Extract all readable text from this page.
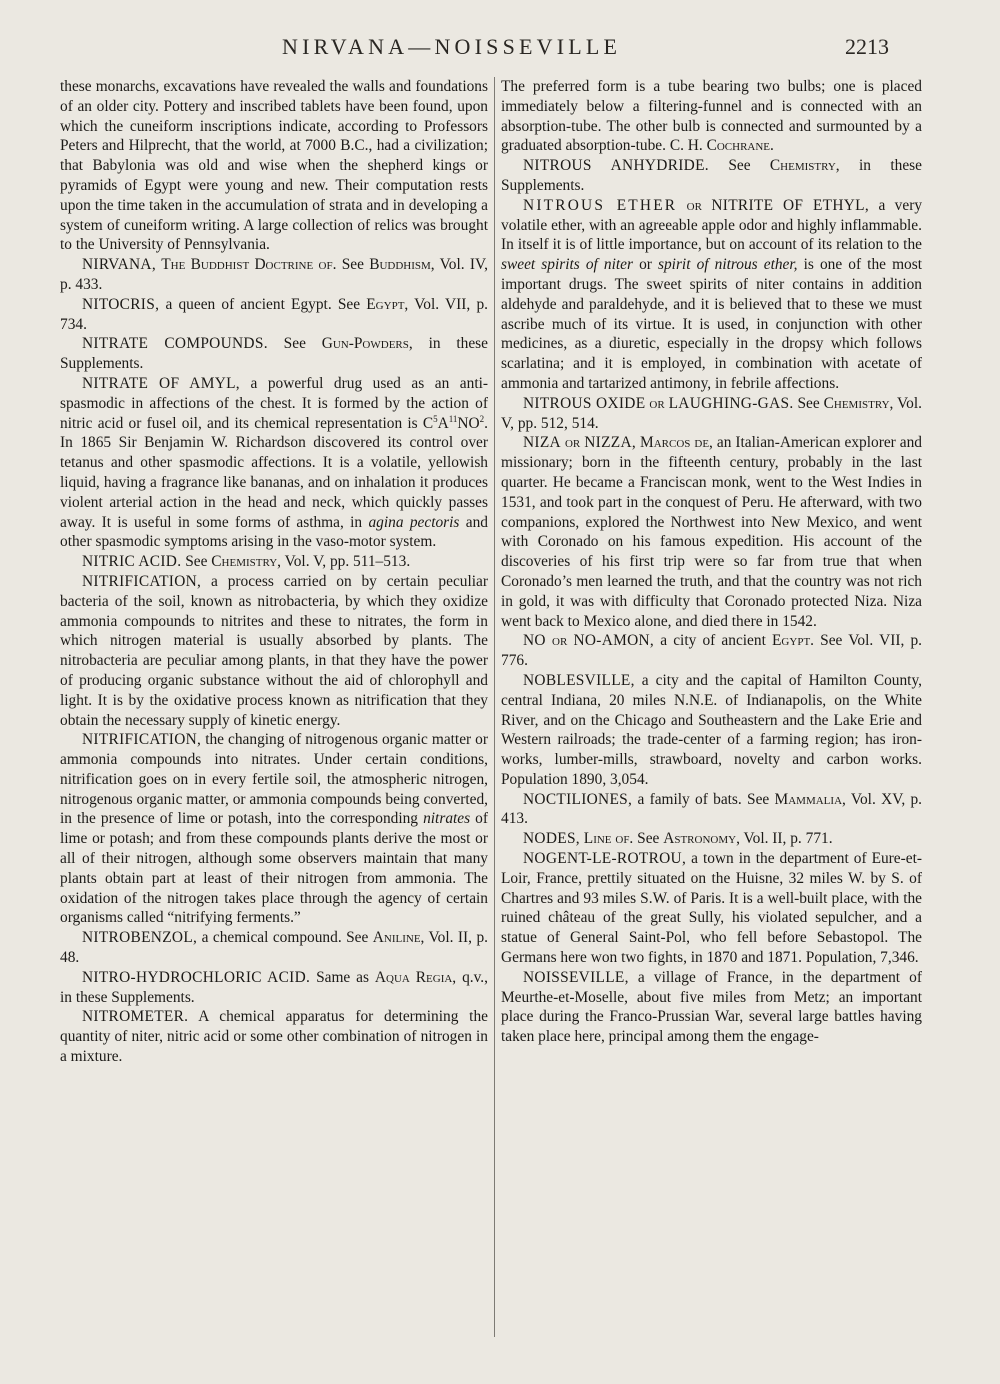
NIRVANA—NOISSEVILLE	2213

these monarchs, excavations have revealed the walls and foundations of an older city. Pottery and inscribed tablets have been found, upon which the cuneiform inscriptions indicate, according to Professors Peters and Hilprecht, that the world, at 7000 B.C., had a civilization; that Babylonia was old and wise when the shepherd kings or pyramids of Egypt were young and new. Their computation rests upon the time taken in the accumulation of strata and in developing a system of cuneiform writing. A large collection of relics was brought to the University of Pennsylvania.

NIRVANA, The Buddhist Doctrine of. See Buddhism, Vol. IV, p. 433.

NITOCRIS, a queen of ancient Egypt. See Egypt, Vol. VII, p. 734.

NITRATE COMPOUNDS. See Gun-Powders, in these Supplements.

NITRATE OF AMYL, a powerful drug used as an anti-spasmodic in affections of the chest. It is formed by the action of nitric acid or fusel oil, and its chemical representation is $C^5A^{11}NO^2$. In 1865 Sir Benjamin W. Richardson discovered its control over tetanus and other spasmodic affections. It is a volatile, yellowish liquid, having a fragrance like bananas, and on inhalation it produces violent arterial action in the head and neck, which quickly passes away. It is useful in some forms of asthma, in agina pectoris and other spasmodic symptoms arising in the vaso-motor system.

NITRIC ACID. See Chemistry, Vol. V, pp. 511–513.

NITRIFICATION, a process carried on by certain peculiar bacteria of the soil, known as nitrobacteria, by which they oxidize ammonia compounds to nitrites and these to nitrates, the form in which nitrogen material is usually absorbed by plants. The nitrobacteria are peculiar among plants, in that they have the power of producing organic substance without the aid of chlorophyll and light. It is by the oxidative process known as nitrification that they obtain the necessary supply of kinetic energy.

NITRIFICATION, the changing of nitrogenous organic matter or ammonia compounds into nitrates. Under certain conditions, nitrification goes on in every fertile soil, the atmospheric nitrogen, nitrogenous organic matter, or ammonia compounds being converted, in the presence of lime or potash, into the corresponding nitrates of lime or potash; and from these compounds plants derive the most or all of their nitrogen, although some observers maintain that many plants obtain part at least of their nitrogen from ammonia. The oxidation of the nitrogen takes place through the agency of certain organisms called “nitrifying ferments.”

NITROBENZOL, a chemical compound. See Aniline, Vol. II, p. 48.

NITRO-HYDROCHLORIC ACID. Same as Aqua Regia, q.v., in these Supplements.

NITROMETER. A chemical apparatus for determining the quantity of niter, nitric acid or some other combination of nitrogen in a mixture.

The preferred form is a tube bearing two bulbs; one is placed immediately below a filtering-funnel and is connected with an absorption-tube. The other bulb is connected and surmounted by a graduated absorption-tube. C. H. Cochrane.

NITROUS ANHYDRIDE. See Chemistry, in these Supplements.

NITROUS ETHER or NITRITE OF ETHYL, a very volatile ether, with an agreeable apple odor and highly inflammable. In itself it is of little importance, but on account of its relation to the sweet spirits of niter or spirit of nitrous ether, is one of the most important drugs. The sweet spirits of niter contains in addition aldehyde and paraldehyde, and it is believed that to these we must ascribe much of its virtue. It is used, in conjunction with other medicines, as a diuretic, especially in the dropsy which follows scarlatina; and it is employed, in combination with acetate of ammonia and tartarized antimony, in febrile affections.

NITROUS OXIDE or LAUGHING-GAS. See Chemistry, Vol. V, pp. 512, 514.

NIZA or NIZZA, Marcos de, an Italian-American explorer and missionary; born in the fifteenth century, probably in the last quarter. He became a Franciscan monk, went to the West Indies in 1531, and took part in the conquest of Peru. He afterward, with two companions, explored the Northwest into New Mexico, and went with Coronado on his famous expedition. His account of the discoveries of his first trip were so far from true that when Coronado’s men learned the truth, and that the country was not rich in gold, it was with difficulty that Coronado protected Niza. Niza went back to Mexico alone, and died there in 1542.

NO or NO-AMON, a city of ancient Egypt. See Vol. VII, p. 776.

NOBLESVILLE, a city and the capital of Hamilton County, central Indiana, 20 miles N.N.E. of Indianapolis, on the White River, and on the Chicago and Southeastern and the Lake Erie and Western railroads; the trade-center of a farming region; has iron-works, lumber-mills, strawboard, novelty and carbon works. Population 1890, 3,054.

NOCTILIONES, a family of bats. See Mammalia, Vol. XV, p. 413.

NODES, Line of. See Astronomy, Vol. II, p. 771.

NOGENT-LE-ROTROU, a town in the department of Eure-et-Loir, France, prettily situated on the Huisne, 32 miles W. by S. of Chartres and 93 miles S.W. of Paris. It is a well-built place, with the ruined château of the great Sully, his violated sepulcher, and a statue of General Saint-Pol, who fell before Sebastopol. The Germans here won two fights, in 1870 and 1871. Population, 7,346.

NOISSEVILLE, a village of France, in the department of Meurthe-et-Moselle, about five miles from Metz; an important place during the Franco-Prussian War, several large battles having taken place here, principal among them the engage-
